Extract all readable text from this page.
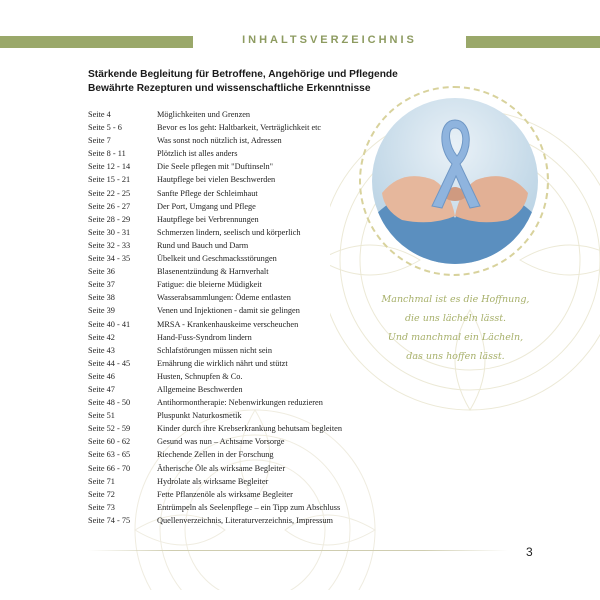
INHALTSVERZEICHNIS
Stärkende Begleitung für Betroffene, Angehörige und Pflegende
Bewährte Rezepturen und wissenschaftliche Erkenntnisse
Seite 4	Möglichkeiten und Grenzen
Seite 5 - 6	Bevor es los geht: Haltbarkeit, Verträglichkeit etc
Seite 7	Was sonst noch nützlich ist, Adressen
Seite 8 - 11	Plötzlich ist alles anders
Seite 12 - 14	Die Seele pflegen mit "Duftinseln"
Seite 15 - 21	Hautpflege bei vielen Beschwerden
Seite 22 - 25	Sanfte Pflege der Schleimhaut
Seite 26 - 27	Der Port, Umgang und Pflege
Seite 28 - 29	Hautpflege bei Verbrennungen
Seite 30 - 31	Schmerzen lindern, seelisch und körperlich
Seite 32 - 33	Rund und Bauch und Darm
Seite 34 - 35	Übelkeit und Geschmacksstörungen
Seite 36	Blasenentzündung & Harnverhalt
Seite 37	Fatigue: die bleierne Müdigkeit
Seite 38	Wasserabsammlungen: Ödeme entlasten
Seite 39	Venen und Injektionen - damit sie gelingen
Seite 40 - 41	MRSA - Krankenhauskeime verscheuchen
Seite 42	Hand-Fuss-Syndrom lindern
Seite 43	Schlafstörungen müssen nicht sein
Seite 44 - 45	Ernährung die wirklich nährt und stützt
Seite 46	Husten, Schnupfen & Co.
Seite 47	Allgemeine Beschwerden
Seite 48 - 50	Antihormontherapie: Nebenwirkungen reduzieren
Seite 51	Pluspunkt Naturkosmetik
Seite 52 - 59	Kinder durch ihre Krebserkrankung behutsam begleiten
Seite 60 - 62	Gesund was nun – Achtsame Vorsorge
Seite 63 - 65	Riechende Zellen in der Forschung
Seite 66 - 70	Ätherische Öle als wirksame Begleiter
Seite 71	Hydrolate als wirksame Begleiter
Seite 72	Fette Pflanzenöle als wirksame Begleiter
Seite 73	Entrümpeln als Seelenpflege – ein Tipp zum Abschluss
Seite 74 - 75	Quellenverzeichnis, Literaturverzeichnis, Impressum
Manchmal ist es die Hoffnung,
die uns lächeln lässt.
Und manchmal ein Lächeln,
das uns hoffen lässt.
3
